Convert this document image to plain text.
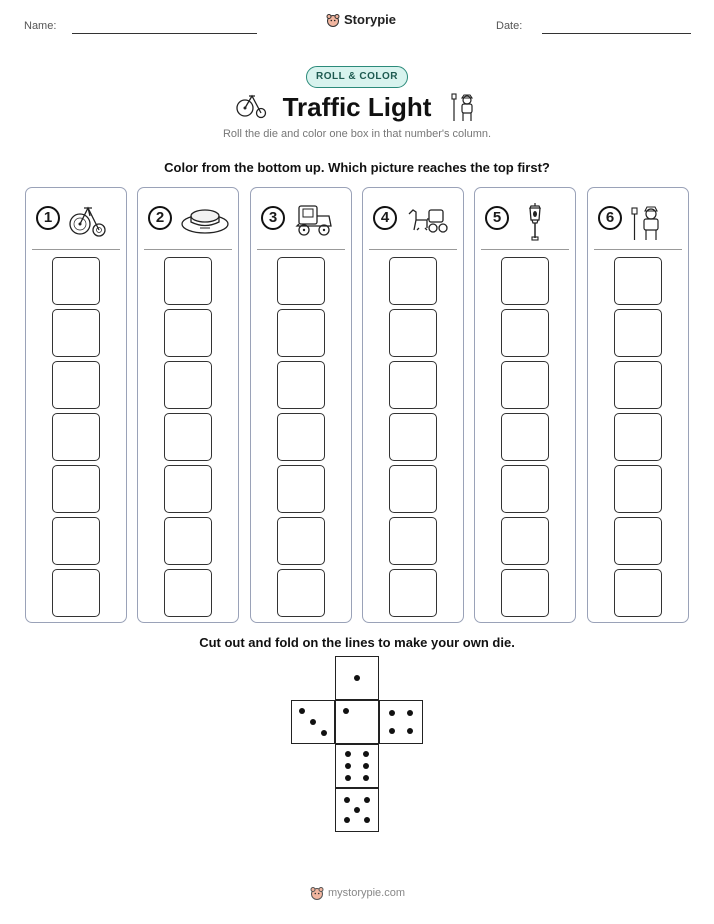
Name:	Storypie	Date:
ROLL & COLOR
Traffic Light
Roll the die and color one box in that number's column.
Color from the bottom up. Which picture reaches the top first?
1	2	3	4	5	6
Cut out and fold on the lines to make your own die.
mystorypie.com
